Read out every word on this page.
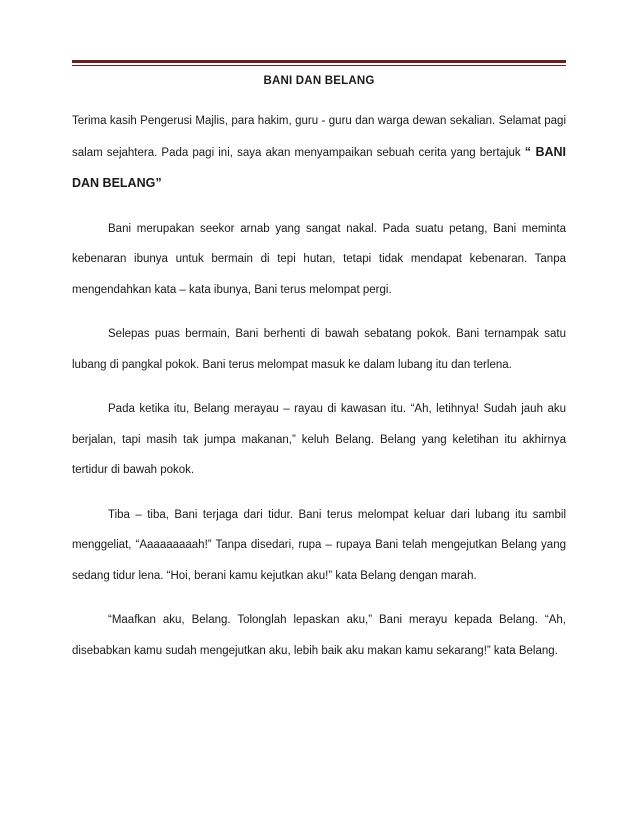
BANI DAN BELANG

Terima kasih Pengerusi Majlis, para hakim, guru - guru dan warga dewan sekalian. Selamat pagi salam sejahtera. Pada pagi ini, saya akan menyampaikan sebuah cerita yang bertajuk “ BANI DAN BELANG”

Bani merupakan seekor arnab yang sangat nakal. Pada suatu petang, Bani meminta kebenaran ibunya untuk bermain di tepi hutan, tetapi tidak mendapat kebenaran. Tanpa mengendahkan kata – kata ibunya, Bani terus melompat pergi.

Selepas puas bermain, Bani berhenti di bawah sebatang pokok. Bani ternampak satu lubang di pangkal pokok. Bani terus melompat masuk ke dalam lubang itu dan terlena.

Pada ketika itu, Belang merayau – rayau di kawasan itu. “Ah, letihnya! Sudah jauh aku berjalan, tapi masih tak jumpa makanan,” keluh Belang. Belang yang keletihan itu akhirnya tertidur di bawah pokok.

Tiba – tiba, Bani terjaga dari tidur. Bani terus melompat keluar dari lubang itu sambil menggeliat, “Aaaaaaaaah!” Tanpa disedari, rupa – rupaya Bani telah mengejutkan Belang yang sedang tidur lena. “Hoi, berani kamu kejutkan aku!” kata Belang dengan marah.

“Maafkan aku, Belang. Tolonglah lepaskan aku,” Bani merayu kepada Belang. “Ah, disebabkan kamu sudah mengejutkan aku, lebih baik aku makan kamu sekarang!” kata Belang.
